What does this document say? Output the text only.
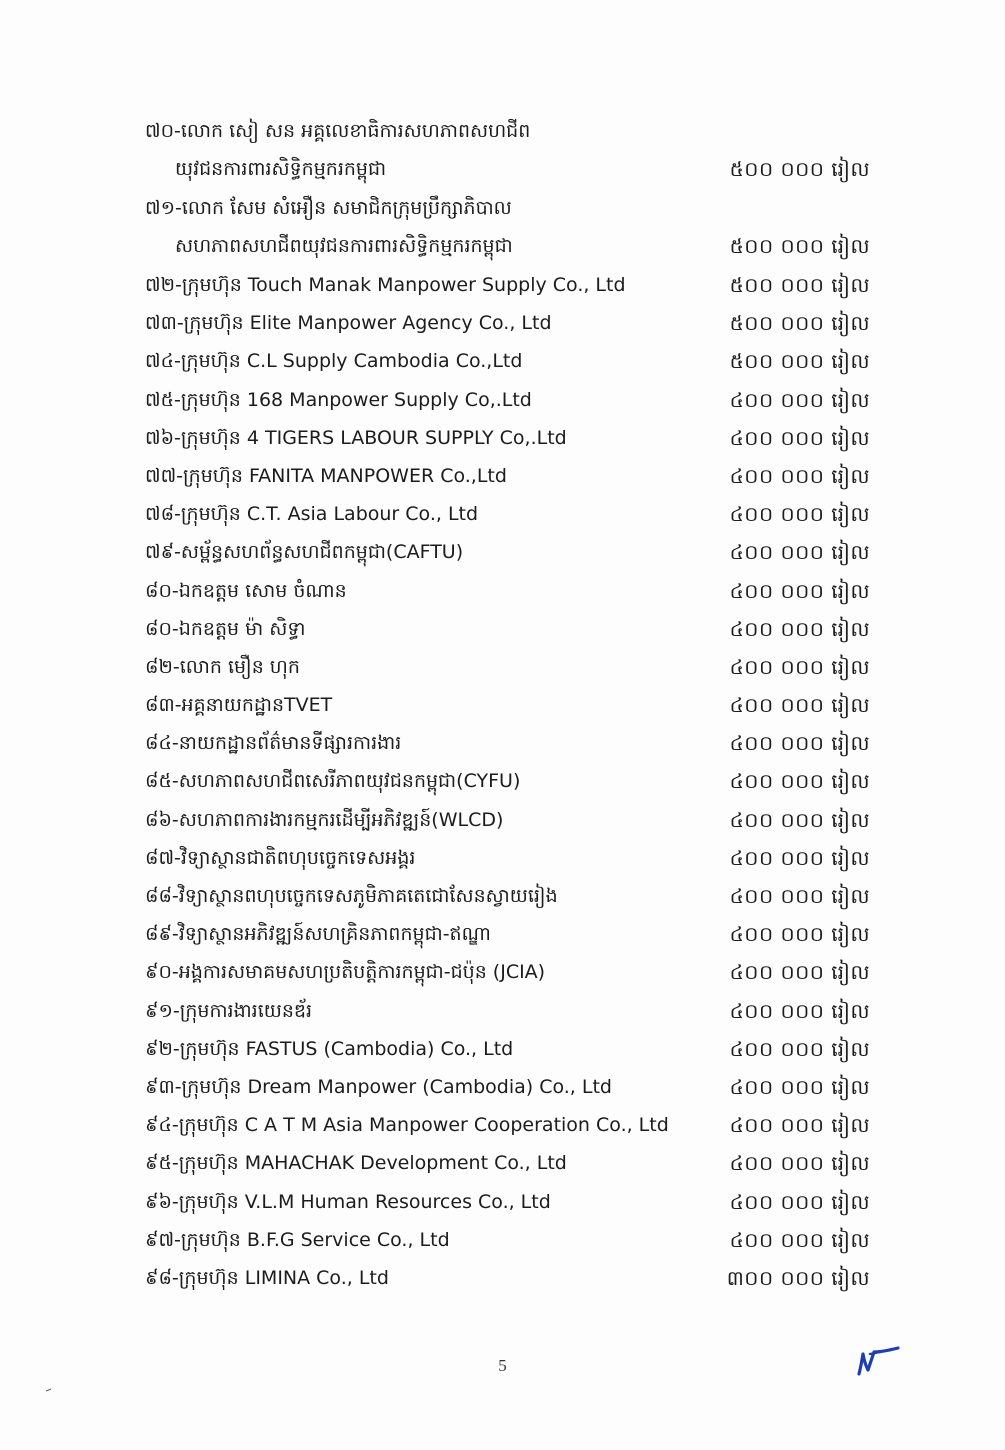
៧០-លោក សៀ សន អគ្គលេខាធិការសហភាពសហជីព
យុវជនការពារសិទ្ធិកម្មករកម្ពុជា	៥០០ ០០០ រៀល
៧១-លោក សែម សំអឿន សមាជិកក្រុមប្រឹក្សាភិបាល
សហភាពសហជីពយុវជនការពារសិទ្ធិកម្មករកម្ពុជា	៥០០ ០០០ រៀល
៧២-ក្រុមហ៊ុន Touch Manak Manpower Supply Co., Ltd	៥០០ ០០០ រៀល
៧៣-ក្រុមហ៊ុន Elite Manpower Agency Co., Ltd	៥០០ ០០០ រៀល
៧៤-ក្រុមហ៊ុន C.L Supply Cambodia Co.,Ltd	៥០០ ០០០ រៀល
៧៥-ក្រុមហ៊ុន 168 Manpower Supply Co,.Ltd	៤០០ ០០០ រៀល
៧៦-ក្រុមហ៊ុន 4 TIGERS LABOUR SUPPLY Co,.Ltd	៤០០ ០០០ រៀល
៧៧-ក្រុមហ៊ុន FANITA MANPOWER Co.,Ltd	៤០០ ០០០ រៀល
៧៨-ក្រុមហ៊ុន C.T. Asia Labour Co., Ltd	៤០០ ០០០ រៀល
៧៩-សម្ព័ន្ធសហព័ន្ធសហជីពកម្ពុជា(CAFTU)	៤០០ ០០០ រៀល
៨០-ឯកឧត្តម សោម ចំណាន	៤០០ ០០០ រៀល
៨០-ឯកឧត្តម ម៉ា សិទ្ធា	៤០០ ០០០ រៀល
៨២-លោក មឿន ហុក	៤០០ ០០០ រៀល
៨៣-អគ្គនាយកដ្ឋានTVET	៤០០ ០០០ រៀល
៨៤-នាយកដ្ឋានព័ត៌មានទីផ្សារការងារ	៤០០ ០០០ រៀល
៨៥-សហភាពសហជីពសេរីភាពយុវជនកម្ពុជា(CYFU)	៤០០ ០០០ រៀល
៨៦-សហភាពការងារកម្មករដើម្បីអភិវឌ្ឍន៍(WLCD)	៤០០ ០០០ រៀល
៨៧-វិទ្យាស្ថានជាតិពហុបច្ចេកទេសអង្គរ	៤០០ ០០០ រៀល
៨៨-វិទ្យាស្ថានពហុបច្ចេកទេសភូមិភាគតេជោសែនស្វាយរៀង	៤០០ ០០០ រៀល
៨៩-វិទ្យាស្ថានអភិវឌ្ឍន៍សហគ្រិនភាពកម្ពុជា-ឥណ្ឌា	៤០០ ០០០ រៀល
៩០-អង្គការសមាគមសហប្រតិបត្តិការកម្ពុជា-ជប៉ុន (JCIA)	៤០០ ០០០ រៀល
៩១-ក្រុមការងារយេនឌ័រ	៤០០ ០០០ រៀល
៩២-ក្រុមហ៊ុន FASTUS (Cambodia) Co., Ltd	៤០០ ០០០ រៀល
៩៣-ក្រុមហ៊ុន Dream Manpower (Cambodia) Co., Ltd	៤០០ ០០០ រៀល
៩៤-ក្រុមហ៊ុន C A T M Asia Manpower Cooperation Co., Ltd	៤០០ ០០០ រៀល
៩៥-ក្រុមហ៊ុន MAHACHAK Development Co., Ltd	៤០០ ០០០ រៀល
៩៦-ក្រុមហ៊ុន V.L.M Human Resources Co., Ltd	៤០០ ០០០ រៀល
៩៧-ក្រុមហ៊ុន B.F.G Service Co., Ltd	៤០០ ០០០ រៀល
៩៨-ក្រុមហ៊ុន LIMINA Co., Ltd	៣០០ ០០០ រៀល
5
